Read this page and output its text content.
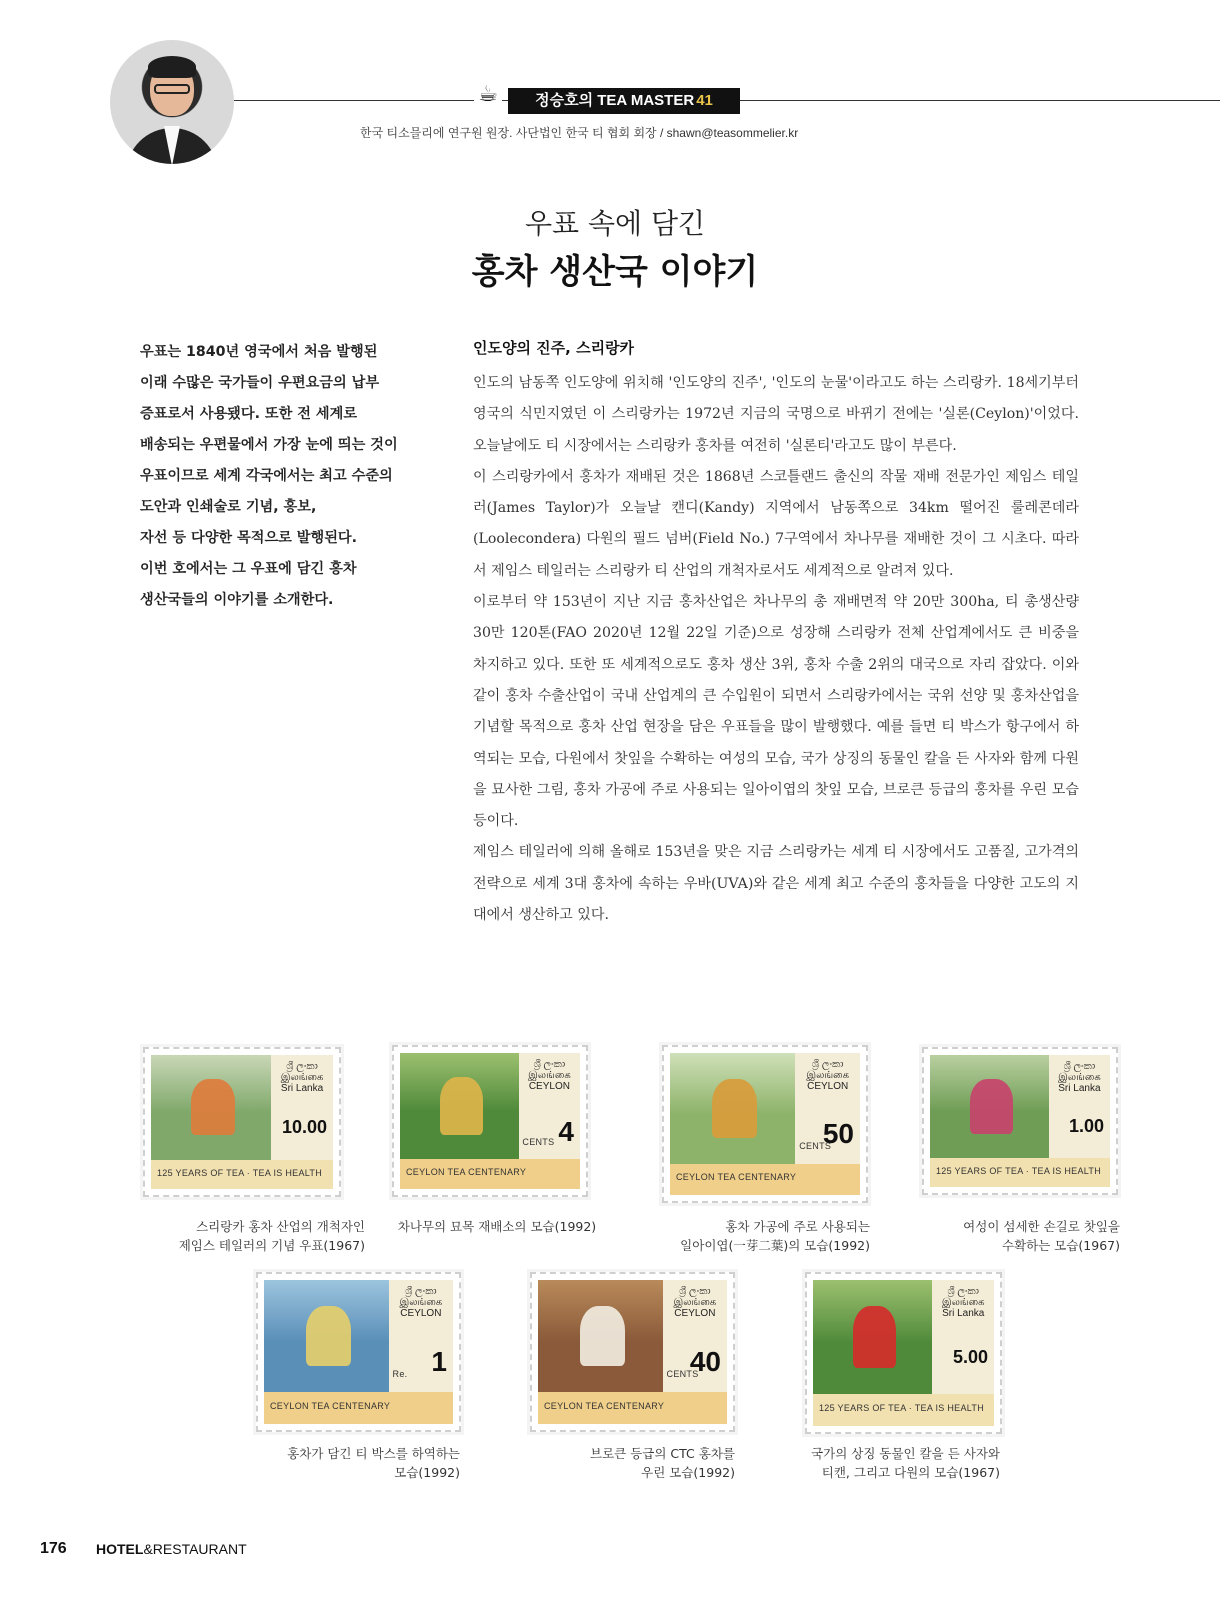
☕	정승호의 TEA MASTER 41
한국 티소믈리에 연구원 원장. 사단법인 한국 티 협회 회장 / shawn@teasommelier.kr
우표 속에 담긴
홍차 생산국 이야기
우표는 1840년 영국에서 처음 발행된
이래 수많은 국가들이 우편요금의 납부
증표로서 사용됐다. 또한 전 세계로
배송되는 우편물에서 가장 눈에 띄는 것이
우표이므로 세계 각국에서는 최고 수준의
도안과 인쇄술로 기념, 홍보,
자선 등 다양한 목적으로 발행된다.
이번 호에서는 그 우표에 담긴 홍차
생산국들의 이야기를 소개한다.
인도양의 진주, 스리랑카

인도의 남동쪽 인도양에 위치해 '인도양의 진주', '인도의 눈물'이라고도 하는 스리랑카. 18세기부터 영국의 식민지였던 이 스리랑카는 1972년 지금의 국명으로 바뀌기 전에는 '실론(Ceylon)'이었다. 오늘날에도 티 시장에서는 스리랑카 홍차를 여전히 '실론티'라고도 많이 부른다.

이 스리랑카에서 홍차가 재배된 것은 1868년 스코틀랜드 출신의 작물 재배 전문가인 제임스 테일러(James Taylor)가 오늘날 캔디(Kandy) 지역에서 남동쪽으로 34km 떨어진 룰레콘데라(Loolecondera) 다원의 필드 넘버(Field No.) 7구역에서 차나무를 재배한 것이 그 시초다. 따라서 제임스 테일러는 스리랑카 티 산업의 개척자로서도 세계적으로 알려져 있다.

이로부터 약 153년이 지난 지금 홍차산업은 차나무의 총 재배면적 약 20만 300ha, 티 총생산량 30만 120톤(FAO 2020년 12월 22일 기준)으로 성장해 스리랑카 전체 산업계에서도 큰 비중을 차지하고 있다. 또한 또 세계적으로도 홍차 생산 3위, 홍차 수출 2위의 대국으로 자리 잡았다. 이와 같이 홍차 수출산업이 국내 산업계의 큰 수입원이 되면서 스리랑카에서는 국위 선양 및 홍차산업을 기념할 목적으로 홍차 산업 현장을 담은 우표들을 많이 발행했다. 예를 들면 티 박스가 항구에서 하역되는 모습, 다원에서 찻잎을 수확하는 여성의 모습, 국가 상징의 동물인 칼을 든 사자와 함께 다원을 묘사한 그림, 홍차 가공에 주로 사용되는 일아이엽의 찻잎 모습, 브로큰 등급의 홍차를 우린 모습 등이다.

제임스 테일러에 의해 올해로 153년을 맞은 지금 스리랑카는 세계 티 시장에서도 고품질, 고가격의 전략으로 세계 3대 홍차에 속하는 우바(UVA)와 같은 세계 최고 수준의 홍차들을 다양한 고도의 지대에서 생산하고 있다.

ශ්‍රී ලංකා
இலங்கை
Sri Lanka
10.00
125 YEARS OF TEA · TEA IS HEALTH
스리랑카 홍차 산업의 개척자인
제임스 테일러의 기념 우표(1967)
ශ්‍රී ලංකා
இலங்கை
CEYLON
4
CENTS
CEYLON TEA CENTENARY
차나무의 묘목 재배소의 모습(1992)
ශ්‍රී ලංකා
இலங்கை
CEYLON
50
CENTS
CEYLON TEA CENTENARY
홍차 가공에 주로 사용되는
일아이엽(一芽二葉)의 모습(1992)
ශ්‍රී ලංකා
இலங்கை
Sri Lanka
1.00
125 YEARS OF TEA · TEA IS HEALTH
여성이 섬세한 손길로 찻잎을
수확하는 모습(1967)
ශ්‍රී ලංකා
இலங்கை
CEYLON
1
Re.
CEYLON TEA CENTENARY
홍차가 담긴 티 박스를 하역하는
모습(1992)
ශ්‍රී ලංකා
இலங்கை
CEYLON
40
CENTS
CEYLON TEA CENTENARY
브로큰 등급의 CTC 홍차를
우린 모습(1992)
ශ්‍රී ලංකා
இலங்கை
Sri Lanka
5.00
125 YEARS OF TEA · TEA IS HEALTH
국가의 상징 동물인 칼을 든 사자와
티캔, 그리고 다원의 모습(1967)
176 HOTEL&RESTAURANT
